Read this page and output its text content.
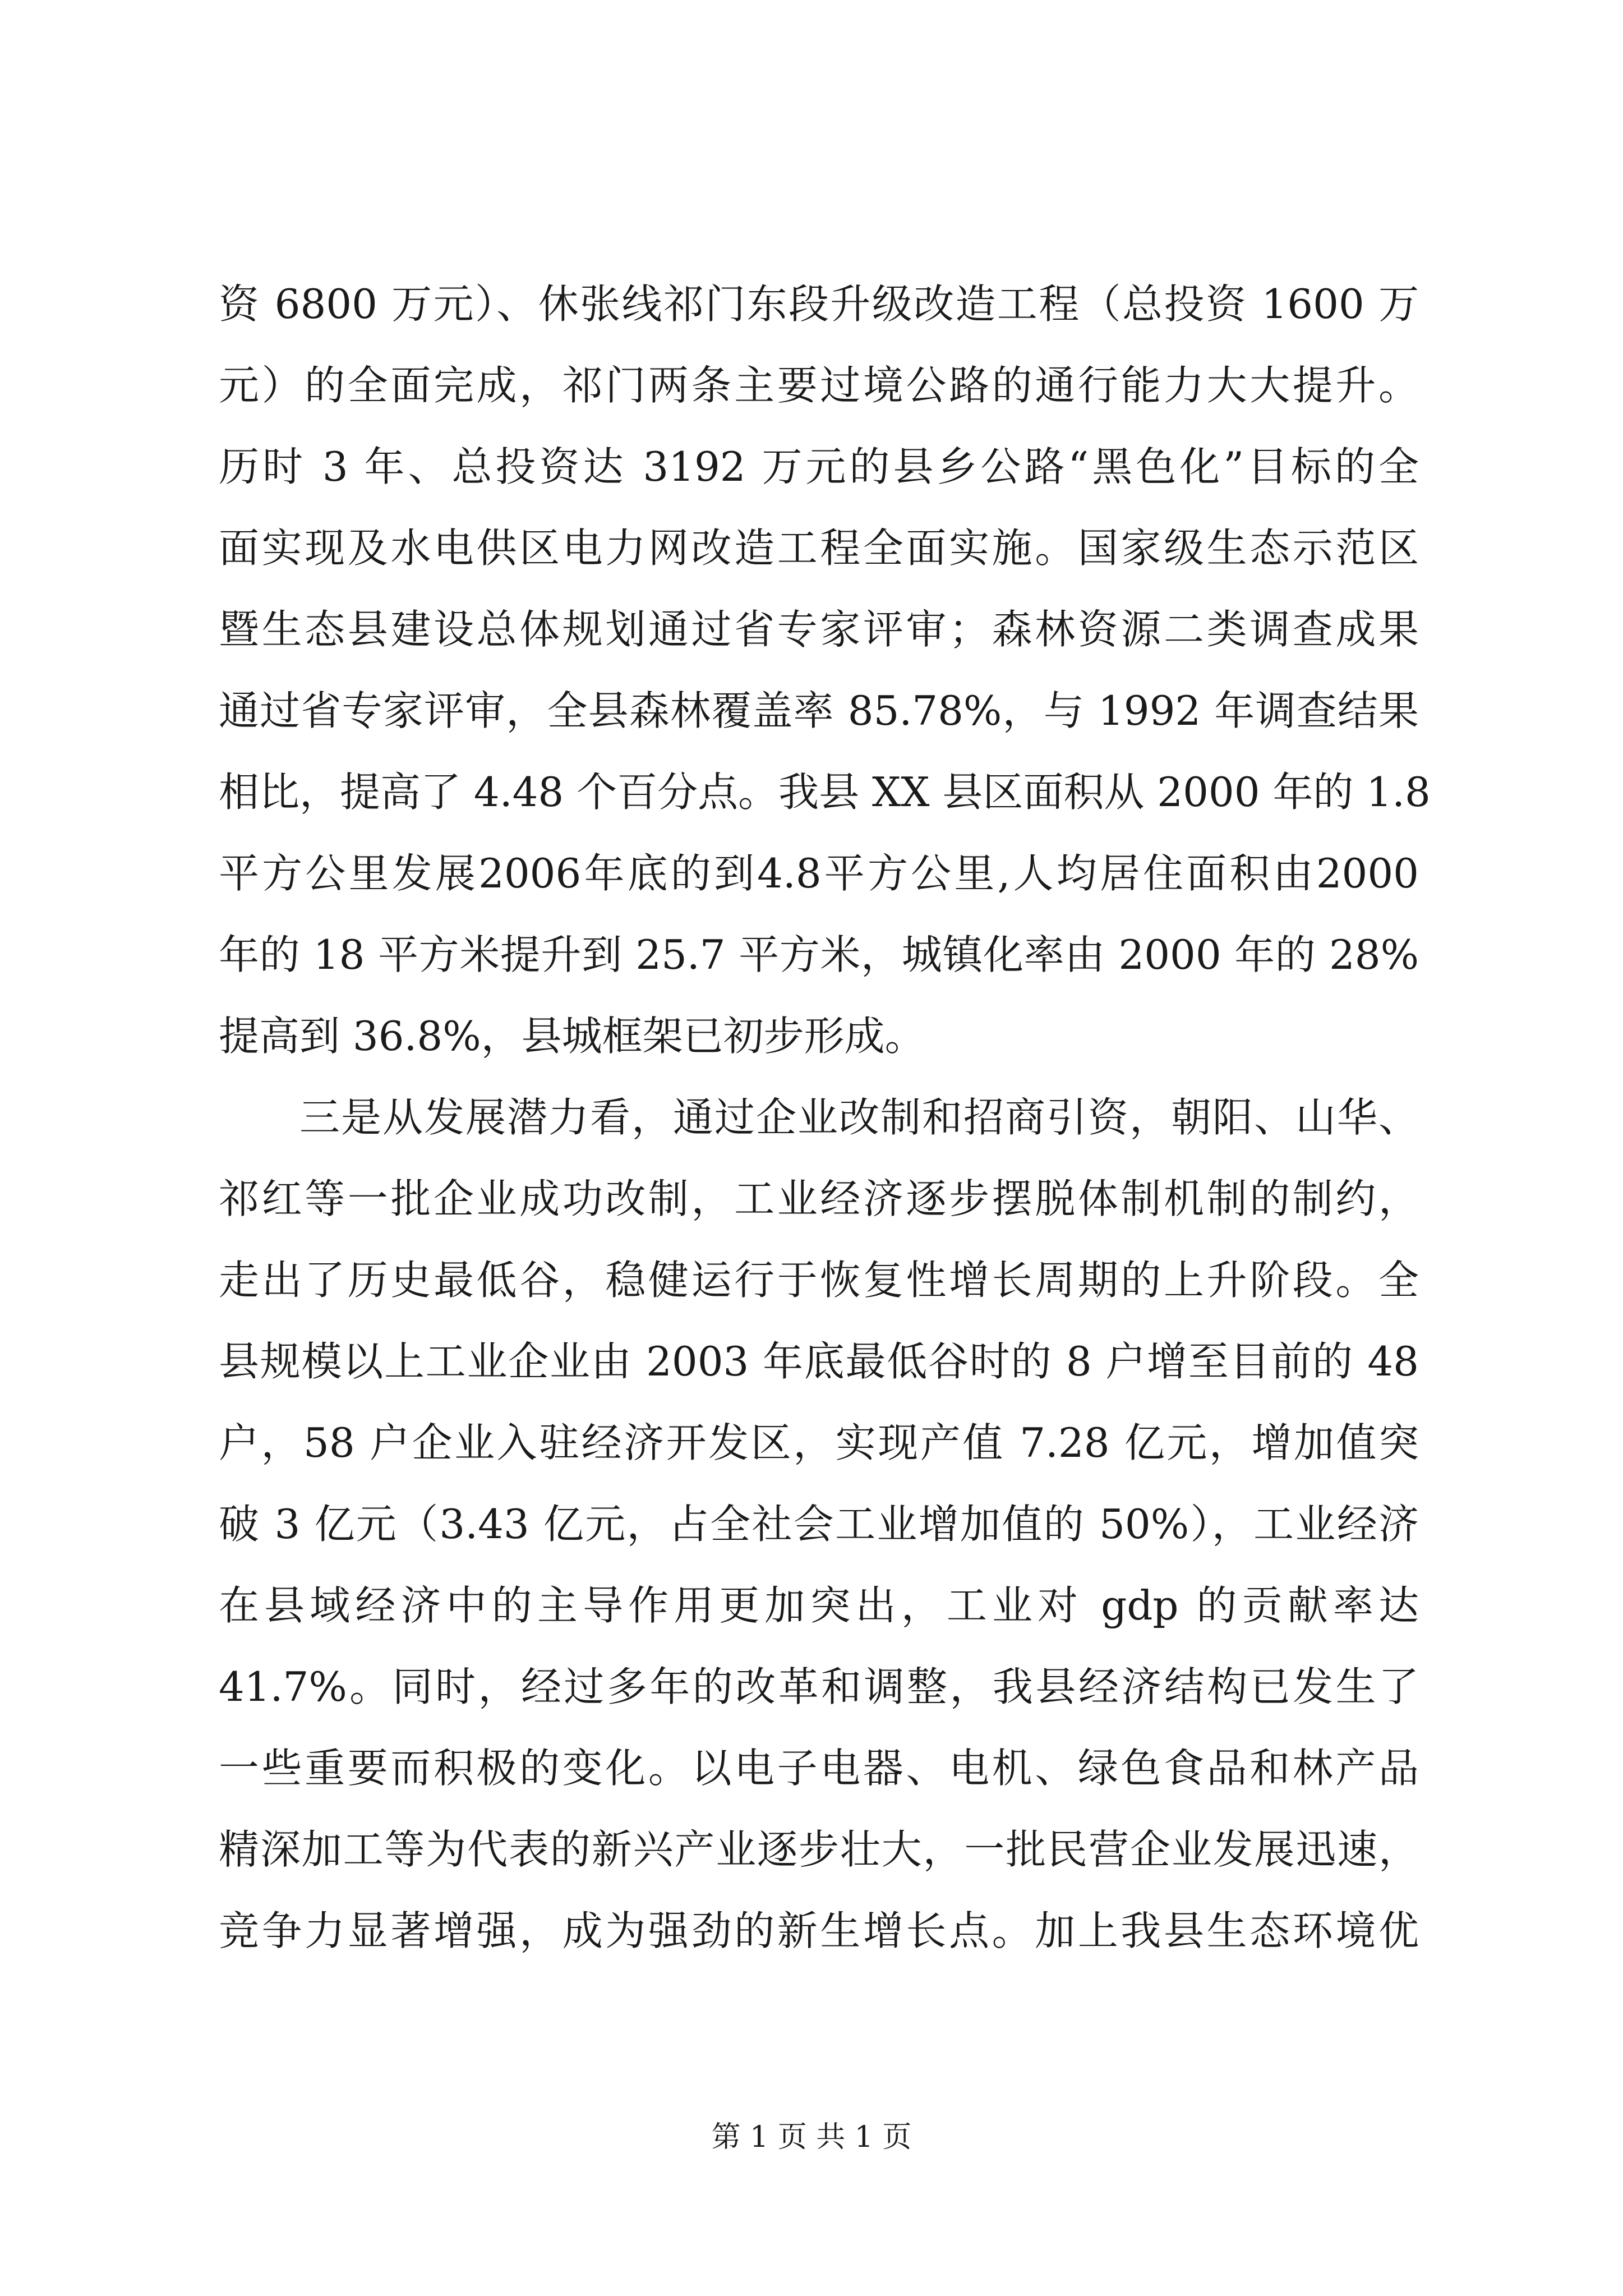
资 6800 万元）、休张线祁门东段升级改造工程（总投资 1600 万
元）的全面完成，祁门两条主要过境公路的通行能力大大提升。
历时 3 年、总投资达 3192 万元的县乡公路“黑色化”目标的全
面实现及水电供区电力网改造工程全面实施。国家级生态示范区
暨生态县建设总体规划通过省专家评审；森林资源二类调查成果
通过省专家评审，全县森林覆盖率 85.78%，与 1992 年调查结果
相比，提高了 4.48 个百分点。我县 XX 县区面积从 2000 年的 1.8
平方公里发展2006年底的到4.8平方公里,人均居住面积由2000
年的 18 平方米提升到 25.7 平方米，城镇化率由 2000 年的 28%
提高到 36.8%，县城框架已初步形成。
三是从发展潜力看，通过企业改制和招商引资，朝阳、山华、
祁红等一批企业成功改制，工业经济逐步摆脱体制机制的制约，
走出了历史最低谷，稳健运行于恢复性增长周期的上升阶段。全
县规模以上工业企业由 2003 年底最低谷时的 8 户增至目前的 48
户，58 户企业入驻经济开发区，实现产值 7.28 亿元，增加值突
破 3 亿元（3.43 亿元，占全社会工业增加值的 50%），工业经济
在县域经济中的主导作用更加突出，工业对 gdp 的贡献率达
41.7%。同时，经过多年的改革和调整，我县经济结构已发生了
一些重要而积极的变化。以电子电器、电机、绿色食品和林产品
精深加工等为代表的新兴产业逐步壮大，一批民营企业发展迅速，
竞争力显著增强，成为强劲的新生增长点。加上我县生态环境优
第 1 页 共 1 页
